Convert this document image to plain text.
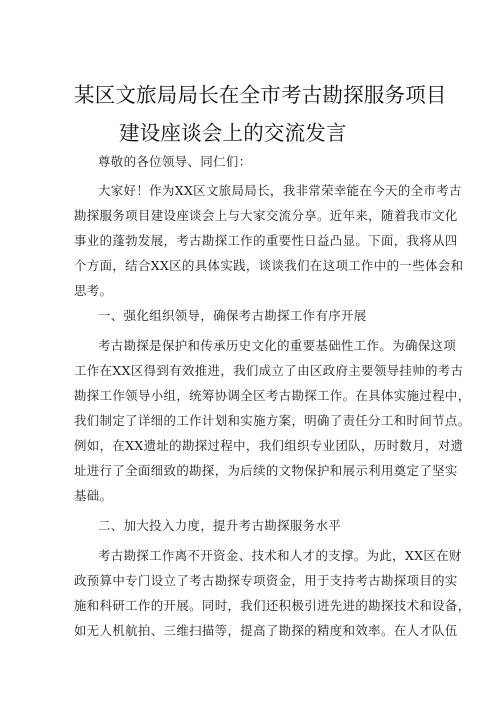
某区文旅局局长在全市考古勘探服务项目
建设座谈会上的交流发言
尊敬的各位领导、同仁们：
大家好！作为XX区文旅局局长，我非常荣幸能在今天的全市考古
勘探服务项目建设座谈会上与大家交流分享。近年来，随着我市文化
事业的蓬勃发展，考古勘探工作的重要性日益凸显。下面，我将从四
个方面，结合XX区的具体实践，谈谈我们在这项工作中的一些体会和
思考。
一、强化组织领导，确保考古勘探工作有序开展
考古勘探是保护和传承历史文化的重要基础性工作。为确保这项
工作在XX区得到有效推进，我们成立了由区政府主要领导挂帅的考古
勘探工作领导小组，统筹协调全区考古勘探工作。在具体实施过程中，
我们制定了详细的工作计划和实施方案，明确了责任分工和时间节点。
例如，在XX遗址的勘探过程中，我们组织专业团队，历时数月，对遗
址进行了全面细致的勘探，为后续的文物保护和展示利用奠定了坚实
基础。
二、加大投入力度，提升考古勘探服务水平
考古勘探工作离不开资金、技术和人才的支撑。为此，XX区在财
政预算中专门设立了考古勘探专项资金，用于支持考古勘探项目的实
施和科研工作的开展。同时，我们还积极引进先进的勘探技术和设备，
如无人机航拍、三维扫描等，提高了勘探的精度和效率。在人才队伍
